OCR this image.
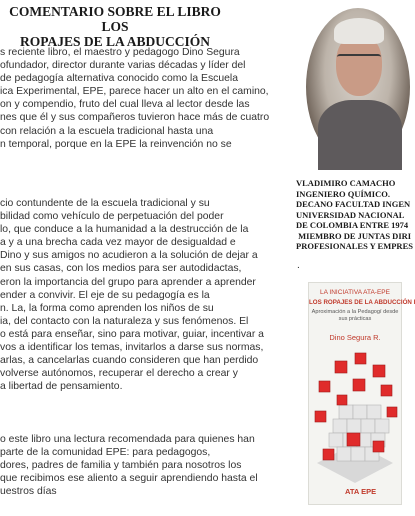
COMENTARIO SOBRE EL LIBRO LOS
ROPAJES DE LA ABDUCCIÓN

s reciente libro, el maestro y pedagogo Dino Segura
ofundador, director durante varias décadas y líder del
de pedagogía alternativa conocido como la Escuela
ica Experimental, EPE, parece hacer un alto en el camino,
on y compendio, fruto del cual lleva al lector desde las
nes que él y sus compañeros tuvieron hace más de cuatro
con relación a la escuela tradicional hasta una
n temporal, porque en la EPE la reinvención no se

cio contundente de la escuela tradicional y su
bilidad como vehículo de perpetuación del poder
lo, que conduce a la humanidad a la destrucción de la
a y a una brecha cada vez mayor de desigualdad e
Dino y sus amigos no acudieron a la solución de dejar a
en sus casas, con los medios para ser autodidactas,
eron la importancia del grupo para aprender a aprender
ender a convivir. El eje de su pedagogía es la
n. La, la forma como aprenden los niños de su
ia, del contacto con la naturaleza y sus fenómenos. El
o está para enseñar, sino para motivar, guiar, incentivar a
vos a identificar los temas, invitarlos a darse sus normas,
arlas, a cancelarlas cuando consideren que han perdido
volverse autónomos, recuperar el derecho a crear y
a libertad de pensamiento.

o este libro una lectura recomendada para quienes han
parte de la comunidad EPE: para pedagogos,
dores, padres de familia y también para nosotros los
que recibimos ese aliento a seguir aprendiendo hasta el
uestros días

VLADIMIRO CAMACHO
INGENIERO QUÍMICO.
DECANO FACULTAD INGEN
UNIVERSIDAD NACIONAL
DE COLOMBIA ENTRE 1974
MIEMBRO DE JUNTAS DIRI
PROFESIONALES Y EMPRES

.

LA INICIATIVA ATA-EPE

LOS ROPAJES DE LA ABDUCCIÓN I

Aproximación a la Pedagogí desde sus prácticas

Dino Segura R.

ATA EPE
